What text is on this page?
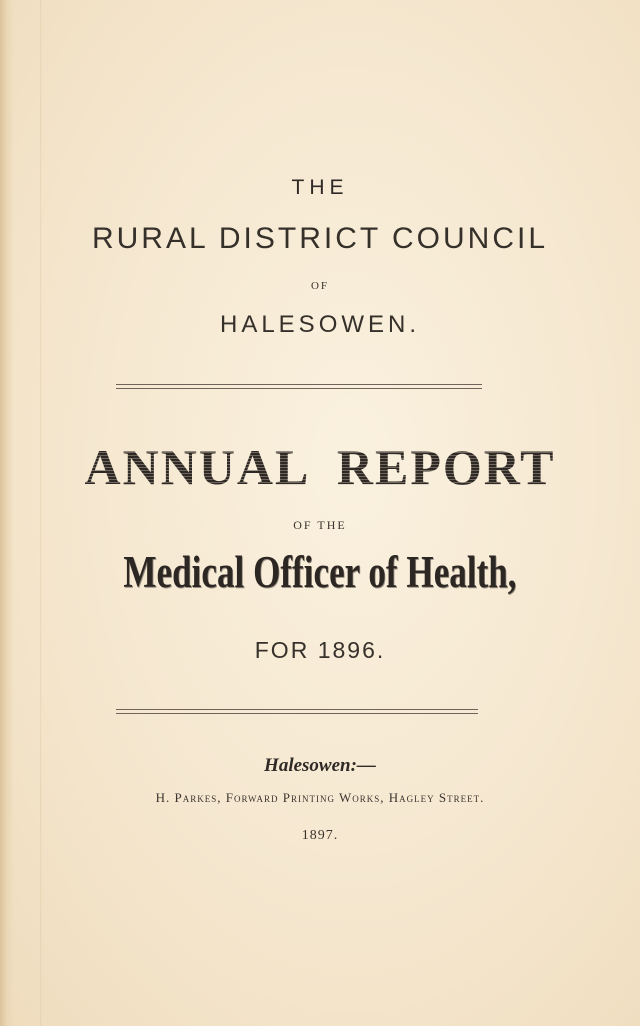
THE
RURAL DISTRICT COUNCIL
OF
HALESOWEN.
ANNUAL REPORT
OF THE
Medical Officer of Health,
FOR 1896.
Halesowen:—
H. Parkes, Forward Printing Works, Hagley Street.
1897.
